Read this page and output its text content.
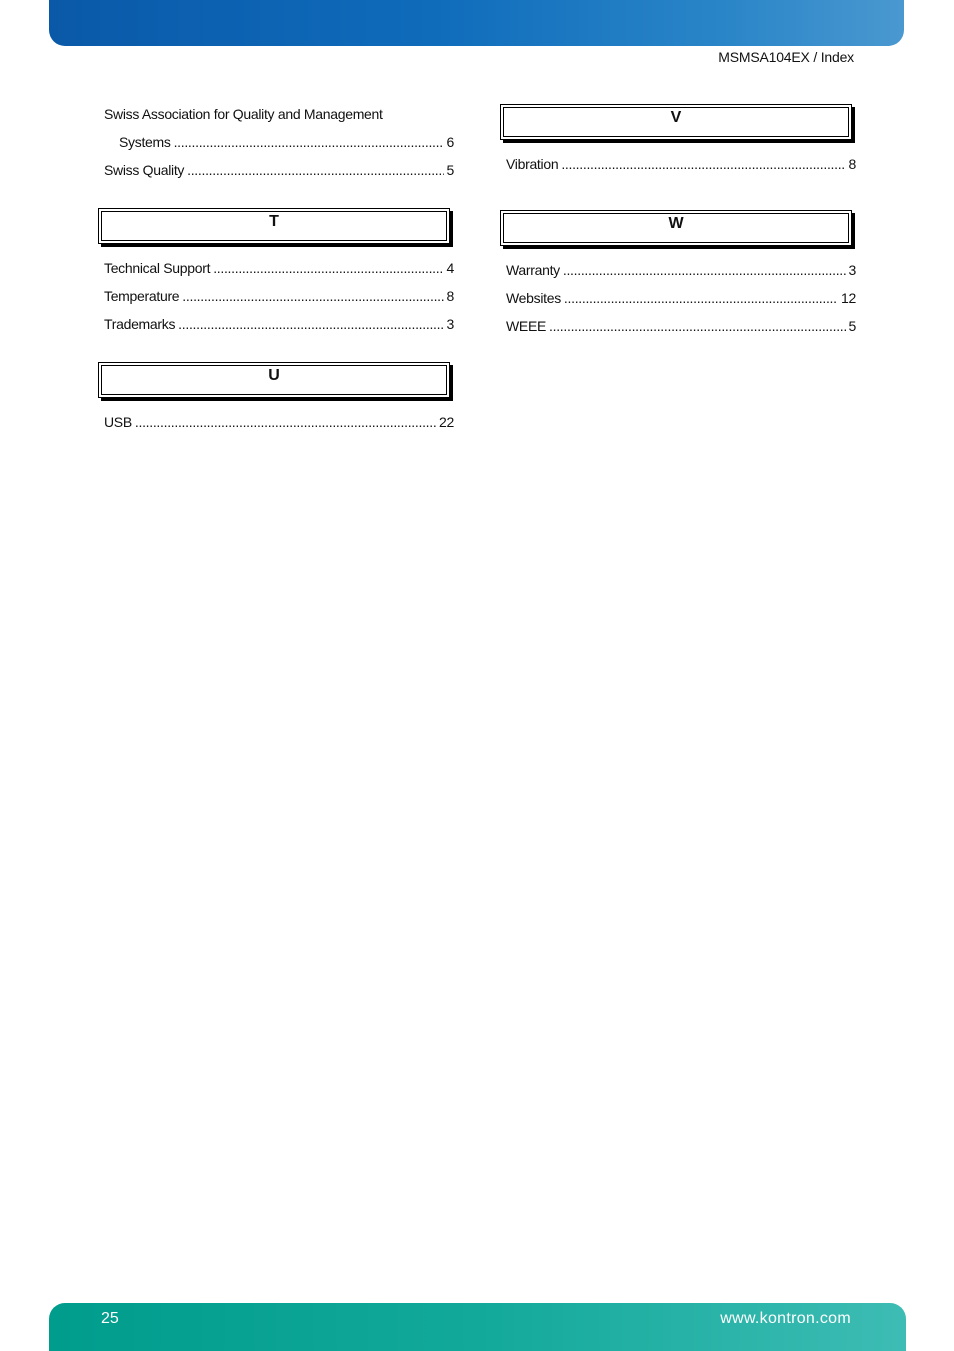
MSMSA104EX / Index
Swiss Association for Quality and Management
Systems .....	6
Swiss Quality .....	5
T
Technical Support .....	4
Temperature .....	8
Trademarks .....	3
U
USB .....	22
V
Vibration .....	8
W
Warranty .....	3
Websites .....	12
WEEE .....	5
25	www.kontron.com
